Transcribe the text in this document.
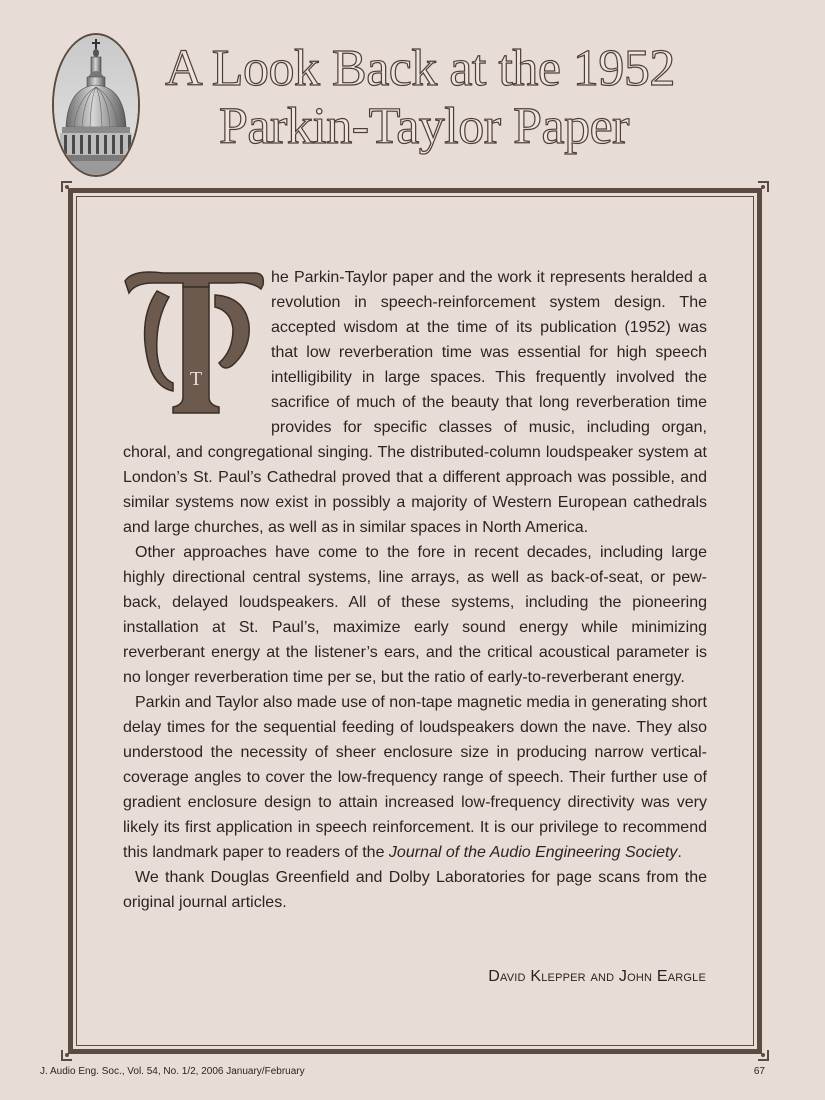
A Look Back at the 1952
Parkin-Taylor Paper
T

he Parkin-Taylor paper and the work it represents heralded a revolution in speech-reinforcement system design. The accepted wisdom at the time of its publication (1952) was that low reverberation time was essential for high speech intelligibility in large spaces. This frequently involved the sacrifice of much of the beauty that long reverberation time provides for specific classes of music, including organ, choral, and congregational singing. The distributed-column loudspeaker system at London’s St. Paul’s Cathedral proved that a different approach was possible, and similar systems now exist in possibly a majority of Western European cathedrals and large churches, as well as in similar spaces in North America.

Other approaches have come to the fore in recent decades, including large highly directional central systems, line arrays, as well as back-of-seat, or pew-back, delayed loudspeakers. All of these systems, including the pioneering installation at St. Paul’s, maximize early sound energy while minimizing reverberant energy at the listener’s ears, and the critical acoustical parameter is no longer reverberation time per se, but the ratio of early-to-reverberant energy.

Parkin and Taylor also made use of non-tape magnetic media in generating short delay times for the sequential feeding of loudspeakers down the nave. They also understood the necessity of sheer enclosure size in producing narrow vertical-coverage angles to cover the low-frequency range of speech. Their further use of gradient enclosure design to attain increased low-frequency directivity was very likely its first application in speech reinforcement. It is our privilege to recommend this landmark paper to readers of the Journal of the Audio Engineering Society.

We thank Douglas Greenfield and Dolby Laboratories for page scans from the original journal articles.

David Klepper and John Eargle
J. Audio Eng. Soc., Vol. 54, No. 1/2, 2006 January/February	67
